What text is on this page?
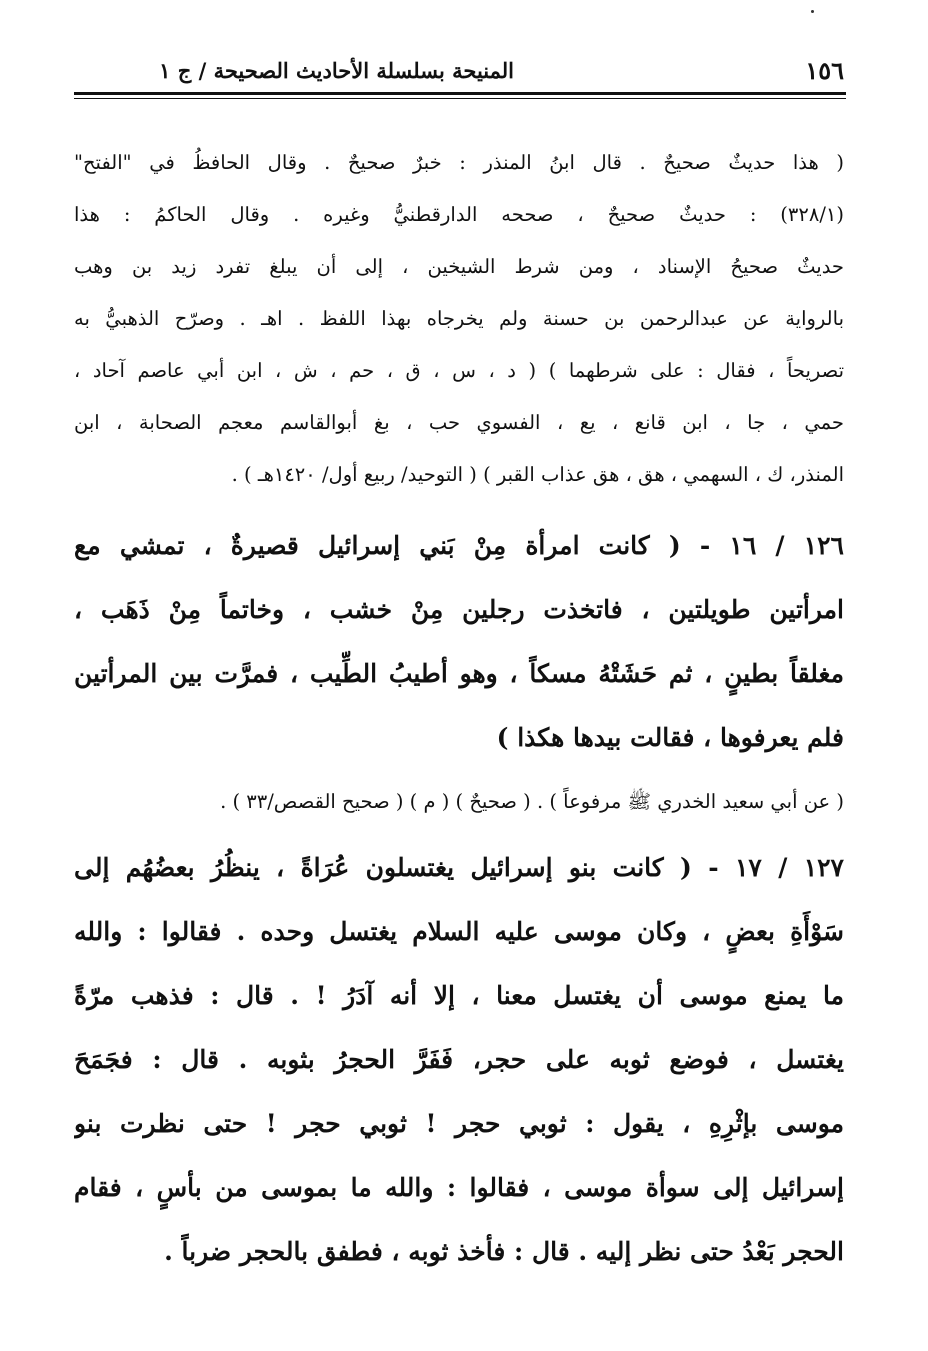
١٥٦
المنيحة بسلسلة الأحاديث الصحيحة / ج ١
( هذا حديثٌ صحيحٌ . قال ابنُ المنذر : خبرٌ صحيحٌ . وقال الحافظُ في "الفتح"
(٣٢٨/١) : حديثٌ صحيحٌ ، صححه الدارقطنيُّ وغيره . وقال الحاكمُ : هذا
حديثٌ صحيحُ الإسناد ، ومن شرط الشيخين ، إلى أن يبلغ تفرد زيد بن وهب
بالرواية عن عبدالرحمن بن حسنة ولم يخرجاه بهذا اللفظ . اهـ . وصرّح الذهبيُّ به
تصريحاً ، فقال : على شرطهما ) ( د ، س ، ق ، حم ، ش ، ابن أبي عاصم آحاد ،
حمي ، جا ، ابن قانع ، يع ، الفسوي حب ، بغ أبوالقاسم معجم الصحابة ، ابن
المنذر، ك ، السهمي ، هق ، هق عذاب القبر ) ( التوحيد/ ربيع أول/ ١٤٢٠هـ ) .
١٢٦ / ١٦ - ( كانت امرأة مِنْ بَني إسرائيل قصيرةٌ ، تمشي مع
امرأتين طويلتين ، فاتخذت رجلين مِنْ خشب ، وخاتماً مِنْ ذَهَب ،
مغلقاً بطينٍ ، ثم حَشَتْهُ مسكاً ، وهو أطيبُ الطِّيب ، فمرَّت بين المرأتين
فلم يعرفوها ، فقالت بيدها هكذا )
( عن أبي سعيد الخدري ﷺ مرفوعاً ) . ( صحيحٌ ) ( م ) ( صحيح القصص/٣٣ ) .
١٢٧ / ١٧ - ( كانت بنو إسرائيل يغتسلون عُرَاةً ، ينظُرُ بعضُهُم إلى
سَوْأَةِ بعضٍ ، وكان موسى عليه السلام يغتسل وحده . فقالوا : والله
ما يمنع موسى أن يغتسل معنا ، إلا أنه آدَرُ ! . قال : فذهب مرّةً
يغتسل ، فوضع ثوبه على حجر، فَفَرَّ الحجرُ بثوبه . قال : فجَمَحَ
موسى بإثْرِهِ ، يقول : ثوبي حجر ! ثوبي حجر ! حتى نظرت بنو
إسرائيل إلى سوأة موسى ، فقالوا : والله ما بموسى من بأسٍ ، فقام
الحجر بَعْدُ حتى نظر إليه . قال : فأخذ ثوبه ، فطفق بالحجر ضرباً .
